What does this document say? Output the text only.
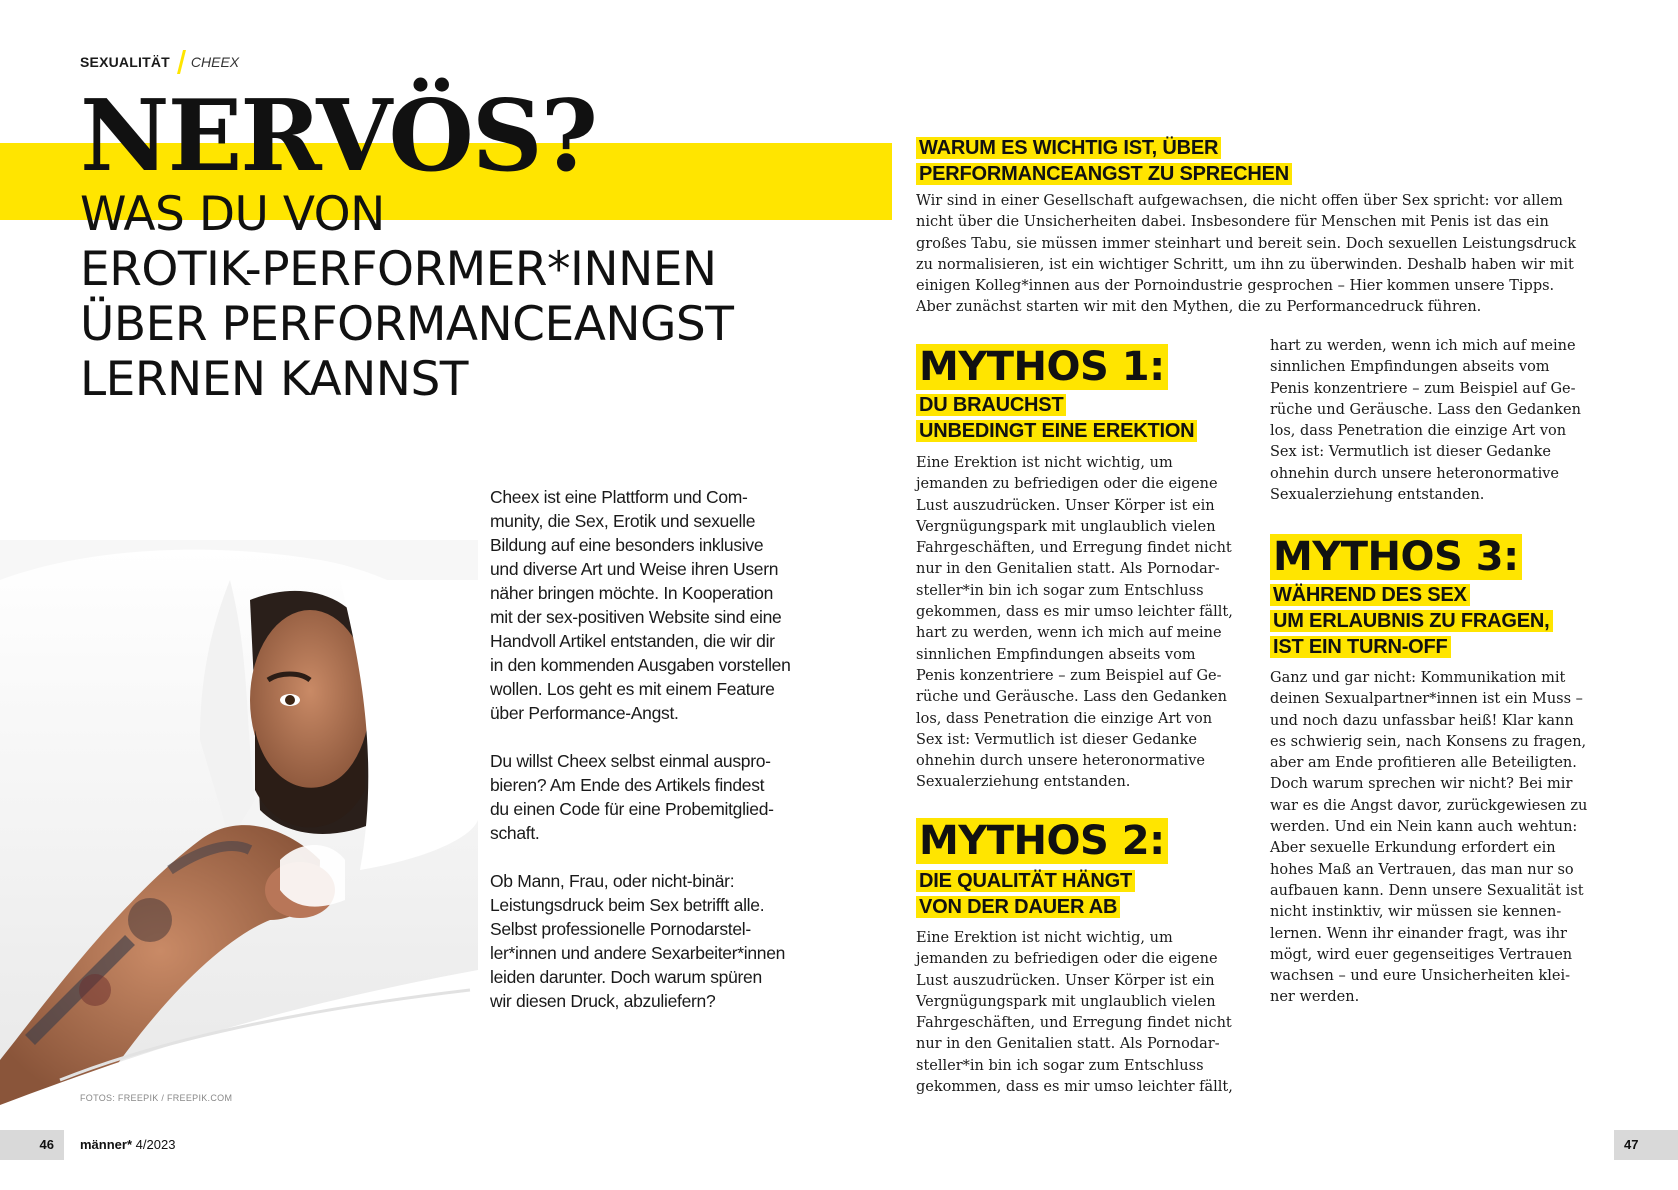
SEXUALITÄT CHEEX
NERVÖS?
WAS DU VON
EROTIK-PERFORMER*INNEN
ÜBER PERFORMANCEANGST
LERNEN KANNST
FOTOS: FREEPIK / FREEPIK.COM

Cheex ist eine Plattform und Com-
munity, die Sex, Erotik und sexuelle
Bildung auf eine besonders inklusive
und diverse Art und Weise ihren Usern
näher bringen möchte. In Kooperation
mit der sex-positiven Website sind eine
Handvoll Artikel entstanden, die wir dir
in den kommenden Ausgaben vorstellen
wollen. Los geht es mit einem Feature
über Performance-Angst.

Du willst Cheex selbst einmal auspro-
bieren? Am Ende des Artikels findest
du einen Code für eine Probemitglied-
schaft.

Ob Mann, Frau, oder nicht-binär:
Leistungsdruck beim Sex betrifft alle.
Selbst professionelle Pornodarstel-
ler*innen und andere Sexarbeiter*innen
leiden darunter. Doch warum spüren
wir diesen Druck, abzuliefern?

WARUM ES WICHTIG IST, ÜBER
PERFORMANCEANGST ZU SPRECHEN
Wir sind in einer Gesellschaft aufgewachsen, die nicht offen über Sex spricht: vor allem
nicht über die Unsicherheiten dabei. Insbesondere für Menschen mit Penis ist das ein
großes Tabu, sie müssen immer steinhart und bereit sein. Doch sexuellen Leistungsdruck
zu normalisieren, ist ein wichtiger Schritt, um ihn zu überwinden. Deshalb haben wir mit
einigen Kolleg*innen aus der Pornoindustrie gesprochen – Hier kommen unsere Tipps.
Aber zunächst starten wir mit den Mythen, die zu Performancedruck führen.
MYTHOS 1:
DU BRAUCHST
UNBEDINGT EINE EREKTION
Eine Erektion ist nicht wichtig, um
jemanden zu befriedigen oder die eigene
Lust auszudrücken. Unser Körper ist ein
Vergnügungspark mit unglaublich vielen
Fahrgeschäften, und Erregung findet nicht
nur in den Genitalien statt. Als Pornodar-
steller*in bin ich sogar zum Entschluss
gekommen, dass es mir umso leichter fällt,
hart zu werden, wenn ich mich auf meine
sinnlichen Empfindungen abseits vom
Penis konzentriere – zum Beispiel auf Ge-
rüche und Geräusche. Lass den Gedanken
los, dass Penetration die einzige Art von
Sex ist: Vermutlich ist dieser Gedanke
ohnehin durch unsere heteronormative
Sexualerziehung entstanden.
MYTHOS 2:
DIE QUALITÄT HÄNGT
VON DER DAUER AB
Eine Erektion ist nicht wichtig, um
jemanden zu befriedigen oder die eigene
Lust auszudrücken. Unser Körper ist ein
Vergnügungspark mit unglaublich vielen
Fahrgeschäften, und Erregung findet nicht
nur in den Genitalien statt. Als Pornodar-
steller*in bin ich sogar zum Entschluss
gekommen, dass es mir umso leichter fällt,
hart zu werden, wenn ich mich auf meine
sinnlichen Empfindungen abseits vom
Penis konzentriere – zum Beispiel auf Ge-
rüche und Geräusche. Lass den Gedanken
los, dass Penetration die einzige Art von
Sex ist: Vermutlich ist dieser Gedanke
ohnehin durch unsere heteronormative
Sexualerziehung entstanden.
MYTHOS 3:
WÄHREND DES SEX
UM ERLAUBNIS ZU FRAGEN,
IST EIN TURN-OFF
Ganz und gar nicht: Kommunikation mit
deinen Sexualpartner*innen ist ein Muss –
und noch dazu unfassbar heiß! Klar kann
es schwierig sein, nach Konsens zu fragen,
aber am Ende profitieren alle Beteiligten.
Doch warum sprechen wir nicht? Bei mir
war es die Angst davor, zurückgewiesen zu
werden. Und ein Nein kann auch wehtun:
Aber sexuelle Erkundung erfordert ein
hohes Maß an Vertrauen, das man nur so
aufbauen kann. Denn unsere Sexualität ist
nicht instinktiv, wir müssen sie kennen-
lernen. Wenn ihr einander fragt, was ihr
mögt, wird euer gegenseitiges Vertrauen
wachsen – und eure Unsicherheiten klei-
ner werden.
46	männer* 4/2023	47
